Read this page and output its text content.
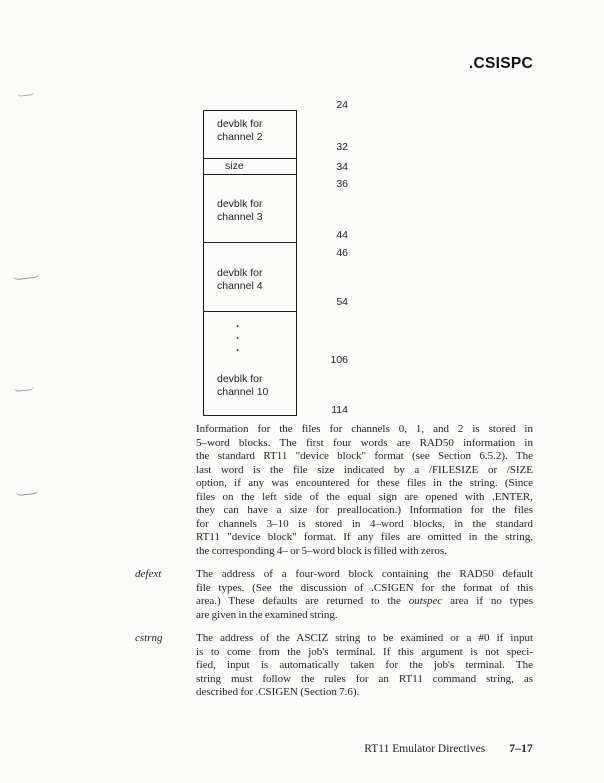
.CSISPC
devblk for
channel 2
size
devblk for
channel 3
devblk for
channel 4
.
.
.
devblk for
channel 10
24
32
34
36
44
46
54
106
114
Information for the files for channels 0, 1, and 2 is stored in
5–word blocks. The first four words are RAD50 information in
the standard RT11 "device block" format (see Section 6.5.2). The
last word is the file size indicated by a /FILESIZE or /SIZE
option, if any was encountered for these files in the string. (Since
files on the left side of the equal sign are opened with .ENTER,
they can have a size for preallocation.) Information for the files
for channels 3–10 is stored in 4–word blocks, in the standard
RT11 "device block" format. If any files are omitted in the string,
the corresponding 4– or 5–word block is filled with zeros.
defext	The address of a four-word block containing the RAD50 default
file types. (See the discussion of .CSIGEN for the format of this
area.) These defaults are returned to the outspec area if no types
are given in the examined string.
cstrng	The address of the ASCIZ string to be examined or a #0 if input
is to come from the job's terminal. If this argument is not speci-
fied, input is automatically taken for the job's terminal. The
string must follow the rules for an RT11 command string, as
described for .CSIGEN (Section 7.6).
RT11 Emulator Directives 7–17
